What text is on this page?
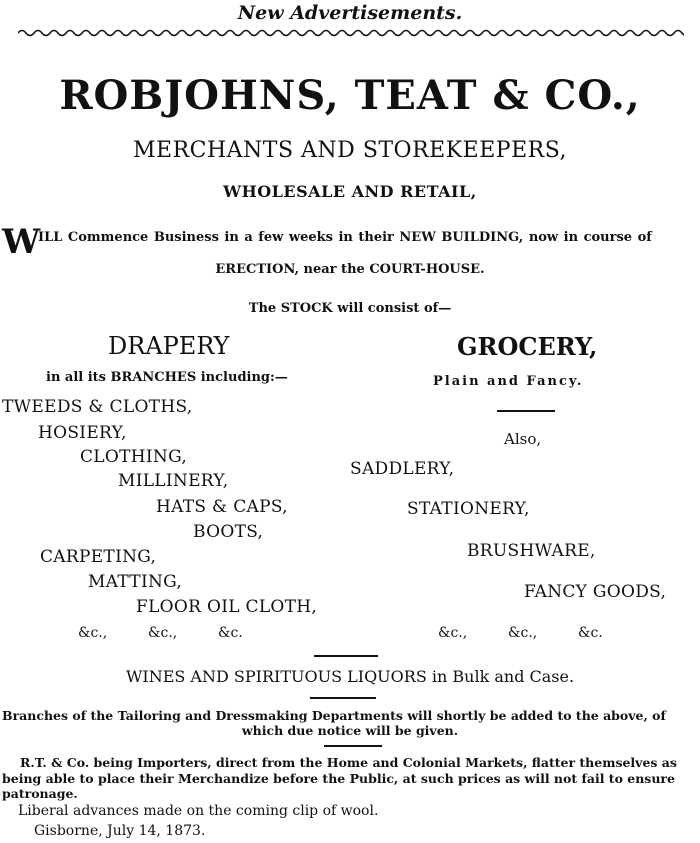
New Advertisements.
ROBJOHNS, TEAT & CO.,
MERCHANTS AND STOREKEEPERS,
WHOLESALE AND RETAIL,
W
ILL Commence Business in a few weeks in their NEW BUILDING, now in course of
ERECTION, near the COURT-HOUSE.
The STOCK will consist of—
DRAPERY
in all its BRANCHES including:—
TWEEDS & CLOTHS,
HOSIERY,
CLOTHING,
MILLINERY,
HATS & CAPS,
BOOTS,
CARPETING,
MATTING,
FLOOR OIL CLOTH,
&c.,	&c.,	&c.
GROCERY,
Plain and Fancy.
Also,
SADDLERY,
STATIONERY,
BRUSHWARE,
FANCY GOODS,
&c.,	&c.,	&c.
WINES AND SPIRITUOUS LIQUORS in Bulk and Case.
Branches of the Tailoring and Dressmaking Departments will shortly be added to the above, of
which due notice will be given.
R.T. & Co. being Importers, direct from the Home and Colonial Markets, flatter themselves as
being able to place their Merchandize before the Public, at such prices as will not fail to ensure
patronage.
Liberal advances made on the coming clip of wool.
Gisborne, July 14, 1873.
